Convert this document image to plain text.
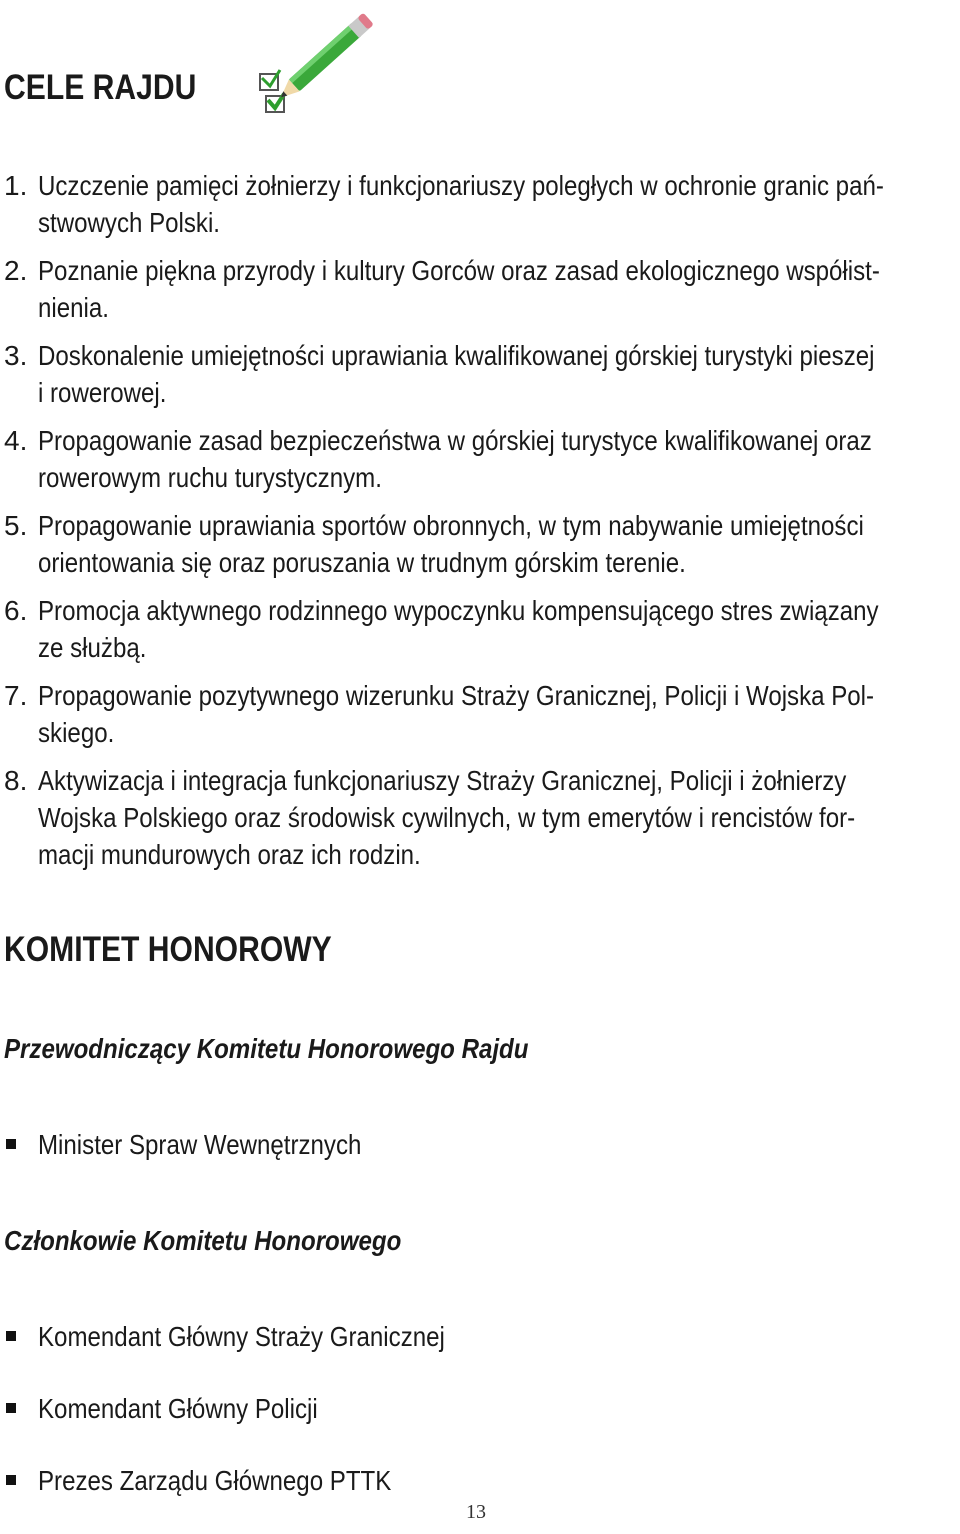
CELE RAJDU
1. Uczczenie pamięci żołnierzy i funkcjonariuszy poległych w ochronie granic pań-
stwowych Polski.
2. Poznanie piękna przyrody i kultury Gorców oraz zasad ekologicznego współist-
nienia.
3. Doskonalenie umiejętności uprawiania kwalifikowanej górskiej turystyki pieszej
i rowerowej.
4. Propagowanie zasad bezpieczeństwa w górskiej turystyce kwalifikowanej oraz
rowerowym ruchu turystycznym.
5. Propagowanie uprawiania sportów obronnych, w tym nabywanie umiejętności
orientowania się oraz poruszania w trudnym górskim terenie.
6. Promocja aktywnego rodzinnego wypoczynku kompensującego stres związany
ze służbą.
7. Propagowanie pozytywnego wizerunku Straży Granicznej, Policji i Wojska Pol-
skiego.
8. Aktywizacja i integracja funkcjonariuszy Straży Granicznej, Policji i żołnierzy
Wojska Polskiego oraz środowisk cywilnych, w tym emerytów i rencistów for-
macji mundurowych oraz ich rodzin.
KOMITET HONOROWY
Przewodniczący Komitetu Honorowego Rajdu
Minister Spraw Wewnętrznych
Członkowie Komitetu Honorowego
Komendant Główny Straży Granicznej
Komendant Główny Policji
Prezes Zarządu Głównego PTTK
13
